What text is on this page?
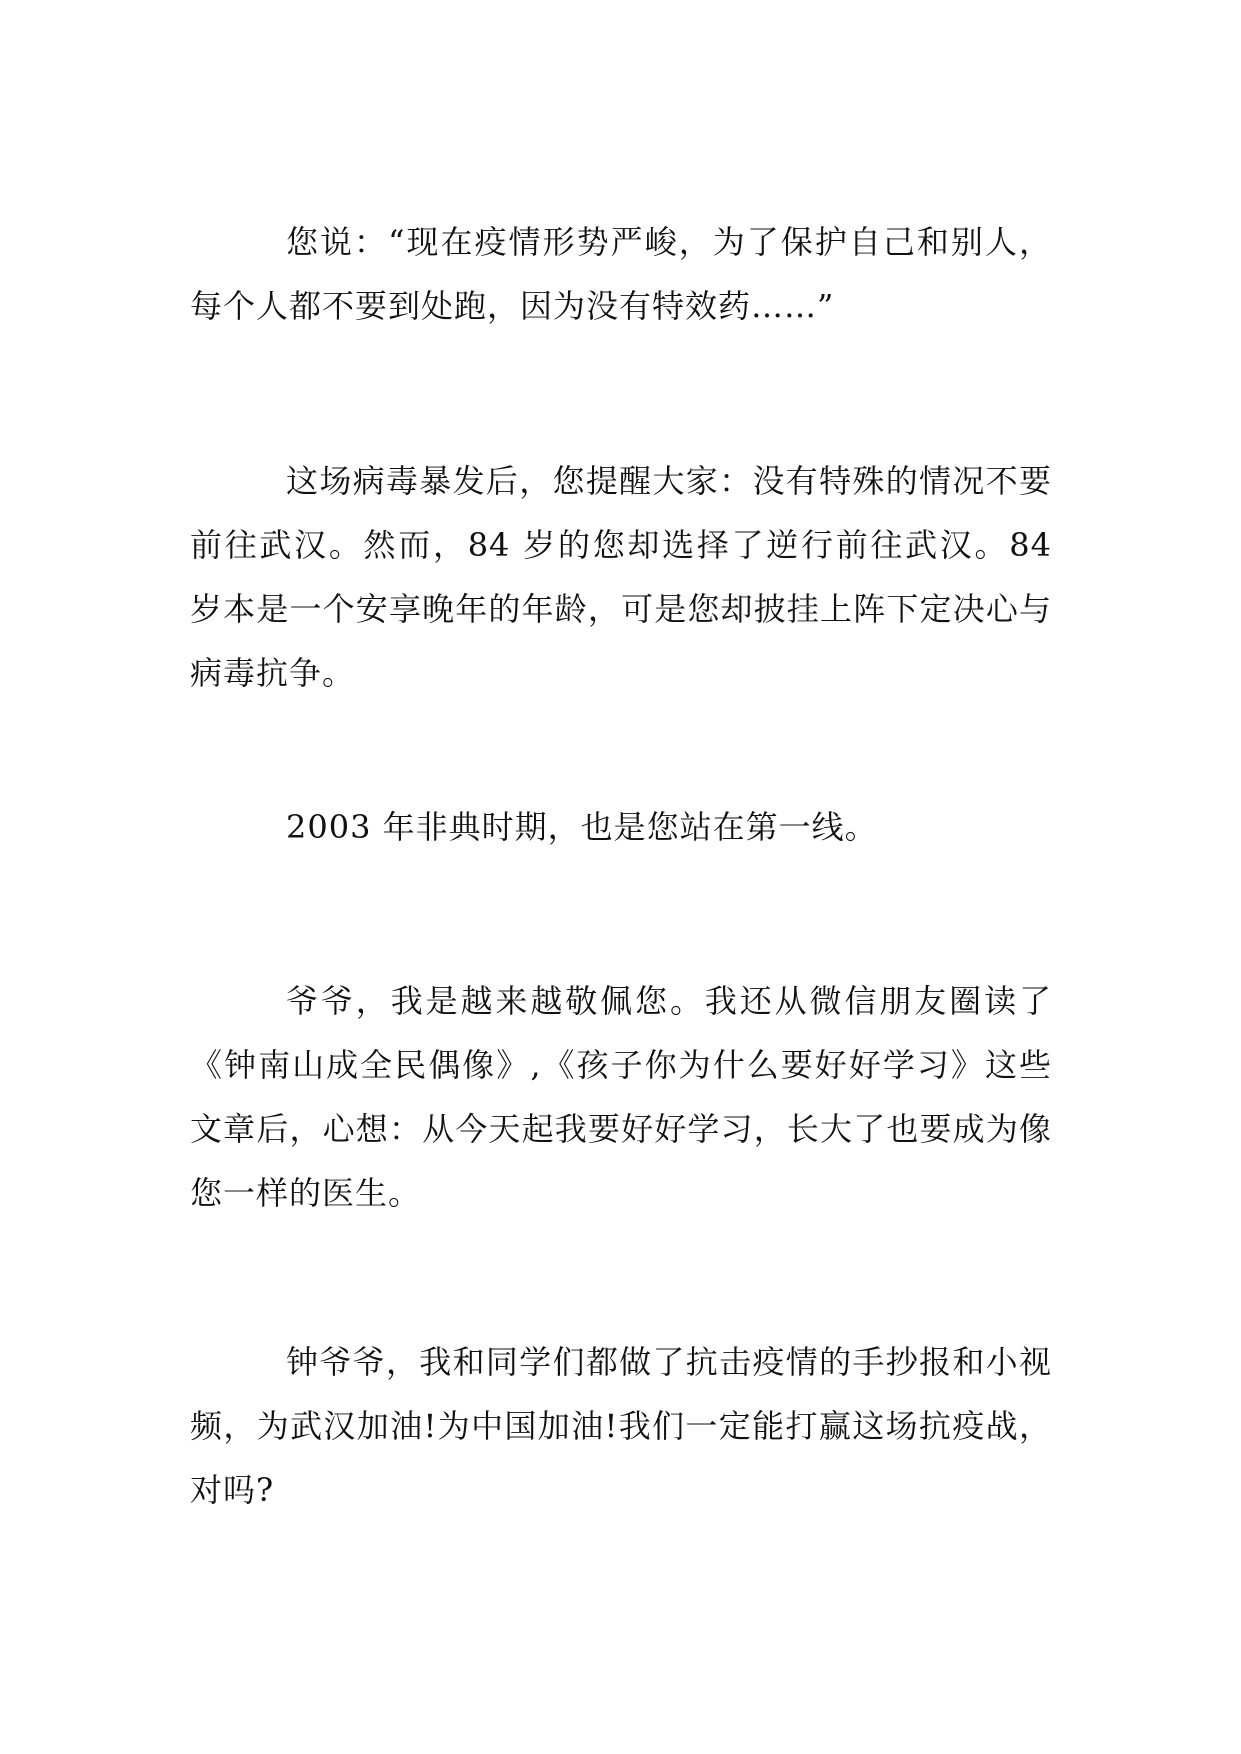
您说：“现在疫情形势严峻，为了保护自己和别人，每个人都不要到处跑，因为没有特效药……”

这场病毒暴发后，您提醒大家：没有特殊的情况不要前往武汉。然而，84 岁的您却选择了逆行前往武汉。84 岁本是一个安享晚年的年龄，可是您却披挂上阵下定决心与病毒抗争。

2003 年非典时期，也是您站在第一线。

爷爷，我是越来越敬佩您。我还从微信朋友圈读了《钟南山成全民偶像》,《孩子你为什么要好好学习》这些文章后，心想：从今天起我要好好学习，长大了也要成为像您一样的医生。

钟爷爷，我和同学们都做了抗击疫情的手抄报和小视频，为武汉加油!为中国加油!我们一定能打赢这场抗疫战，对吗?
